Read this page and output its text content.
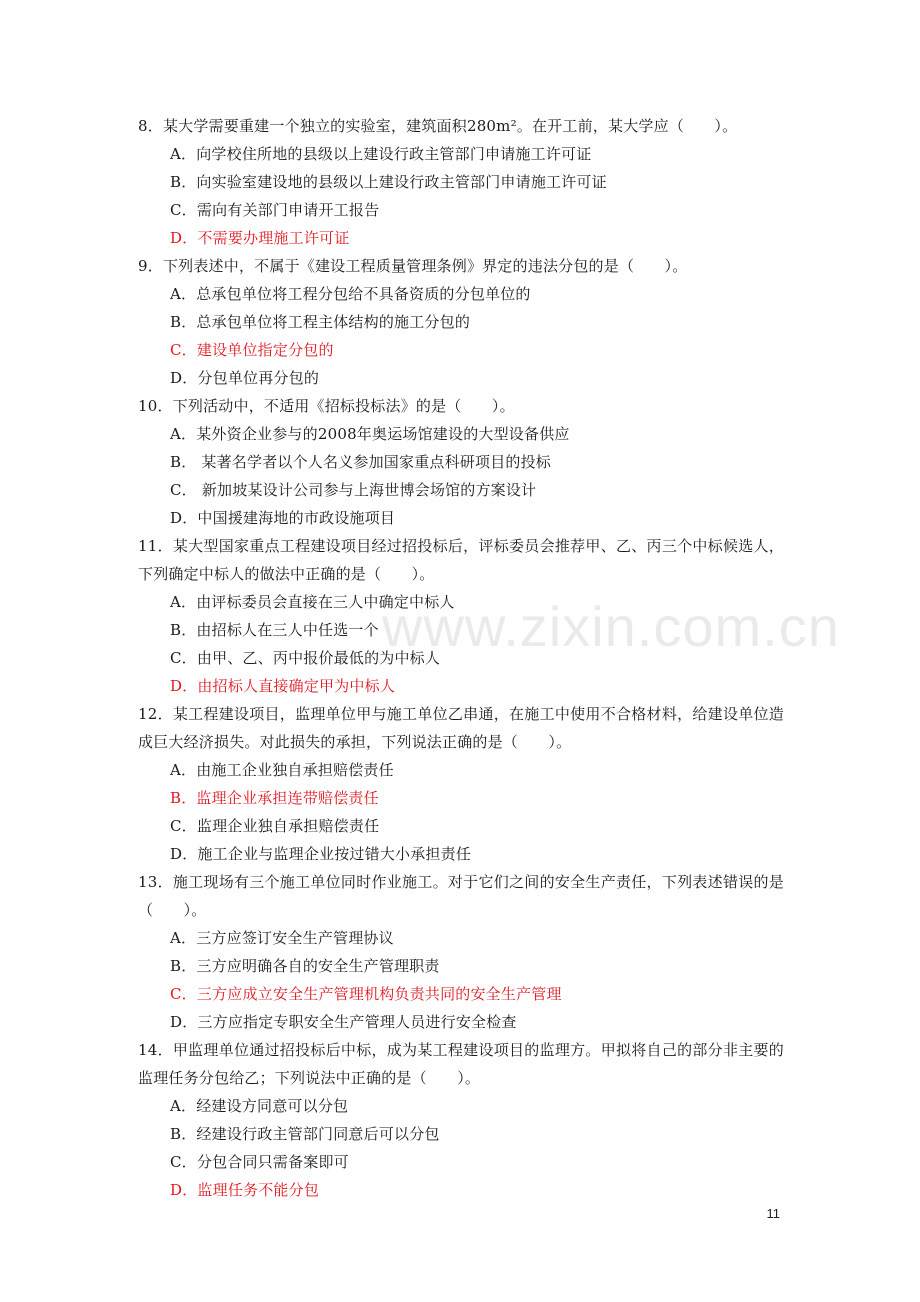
www.zixin.com.cn

8．某大学需要重建一个独立的实验室，建筑面积280m²。在开工前，某大学应（　　）。

A．向学校住所地的县级以上建设行政主管部门申请施工许可证

B．向实验室建设地的县级以上建设行政主管部门申请施工许可证

C．需向有关部门申请开工报告

D．不需要办理施工许可证

9．下列表述中，不属于《建设工程质量管理条例》界定的违法分包的是（　　）。

A．总承包单位将工程分包给不具备资质的分包单位的

B．总承包单位将工程主体结构的施工分包的

C．建设单位指定分包的

D．分包单位再分包的

10．下列活动中，不适用《招标投标法》的是（　　）。

A．某外资企业参与的2008年奥运场馆建设的大型设备供应

B． 某著名学者以个人名义参加国家重点科研项目的投标

C． 新加坡某设计公司参与上海世博会场馆的方案设计

D．中国援建海地的市政设施项目

11．某大型国家重点工程建设项目经过招投标后，评标委员会推荐甲、乙、丙三个中标候选人，下列确定中标人的做法中正确的是（　　）。

A．由评标委员会直接在三人中确定中标人

B．由招标人在三人中任选一个

C．由甲、乙、丙中报价最低的为中标人

D．由招标人直接确定甲为中标人

12．某工程建设项目，监理单位甲与施工单位乙串通，在施工中使用不合格材料，给建设单位造成巨大经济损失。对此损失的承担，下列说法正确的是（　　）。

A．由施工企业独自承担赔偿责任

B．监理企业承担连带赔偿责任

C．监理企业独自承担赔偿责任

D．施工企业与监理企业按过错大小承担责任

13．施工现场有三个施工单位同时作业施工。对于它们之间的安全生产责任，下列表述错误的是（　　）。

A．三方应签订安全生产管理协议

B．三方应明确各自的安全生产管理职责

C．三方应成立安全生产管理机构负责共同的安全生产管理

D．三方应指定专职安全生产管理人员进行安全检查

14．甲监理单位通过招投标后中标，成为某工程建设项目的监理方。甲拟将自己的部分非主要的监理任务分包给乙；下列说法中正确的是（　　）。

A．经建设方同意可以分包

B．经建设行政主管部门同意后可以分包

C．分包合同只需备案即可

D．监理任务不能分包

11
